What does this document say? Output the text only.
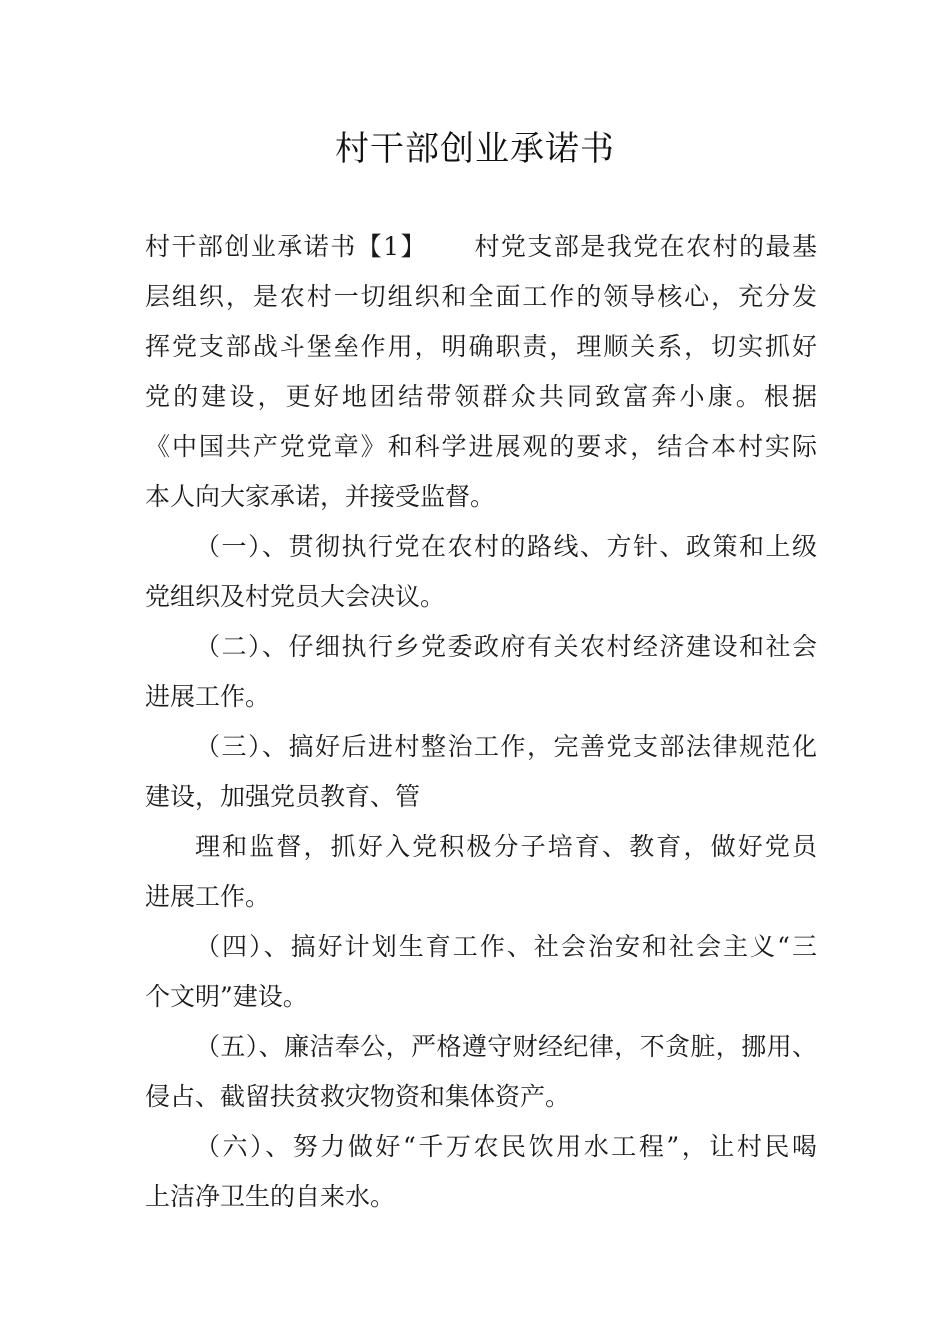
村干部创业承诺书
村干部创业承诺书【1】 村党支部是我党在农村的最基
层组织，是农村一切组织和全面工作的领导核心，充分发
挥党支部战斗堡垒作用，明确职责，理顺关系，切实抓好
党的建设，更好地团结带领群众共同致富奔小康。根据
《中国共产党党章》和科学进展观的要求，结合本村实际
本人向大家承诺，并接受监督。
（一）、贯彻执行党在农村的路线、方针、政策和上级
党组织及村党员大会决议。
（二）、仔细执行乡党委政府有关农村经济建设和社会
进展工作。
（三）、搞好后进村整治工作，完善党支部法律规范化
建设，加强党员教育、管
理和监督，抓好入党积极分子培育、教育，做好党员
进展工作。
（四）、搞好计划生育工作、社会治安和社会主义“三
个文明”建设。
（五）、廉洁奉公，严格遵守财经纪律，不贪脏，挪用、
侵占、截留扶贫救灾物资和集体资产。
（六）、努力做好“千万农民饮用水工程”，让村民喝
上洁净卫生的自来水。
